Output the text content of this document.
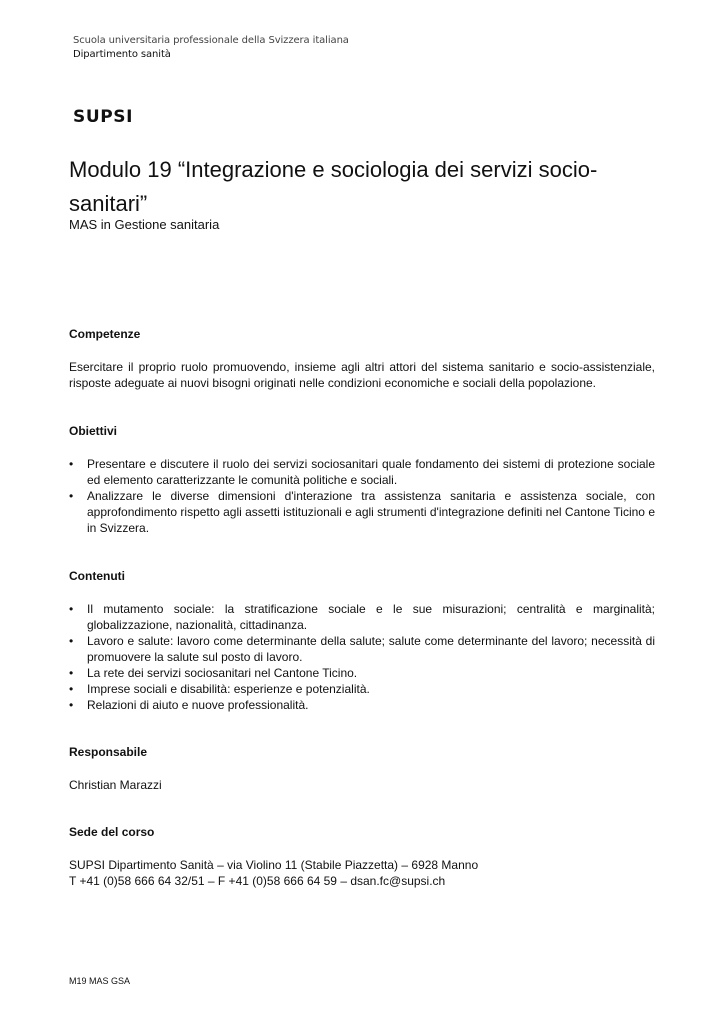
Scuola universitaria professionale della Svizzera italiana
Dipartimento sanità
SUPSI
Modulo 19 “Integrazione e sociologia dei servizi socio-sanitari”
MAS in Gestione sanitaria
Competenze

Esercitare il proprio ruolo promuovendo, insieme agli altri attori del sistema sanitario e socio-assistenziale, risposte adeguate ai nuovi bisogni originati nelle condizioni economiche e sociali della popolazione.

Obiettivi
• Presentare e discutere il ruolo dei servizi sociosanitari quale fondamento dei sistemi di protezione sociale ed elemento caratterizzante le comunità politiche e sociali.
• Analizzare le diverse dimensioni d'interazione tra assistenza sanitaria e assistenza sociale, con approfondimento rispetto agli assetti istituzionali e agli strumenti d'integrazione definiti nel Cantone Ticino e in Svizzera.
Contenuti
• Il mutamento sociale: la stratificazione sociale e le sue misurazioni; centralità e marginalità; globalizzazione, nazionalità, cittadinanza.
• Lavoro e salute: lavoro come determinante della salute; salute come determinante del lavoro; necessità di promuovere la salute sul posto di lavoro.
• La rete dei servizi sociosanitari nel Cantone Ticino.
• Imprese sociali e disabilità: esperienze e potenzialità.
• Relazioni di aiuto e nuove professionalità.
Responsabile
Christian Marazzi
Sede del corso
SUPSI Dipartimento Sanità – via Violino 11 (Stabile Piazzetta) – 6928 Manno
T +41 (0)58 666 64 32/51 – F +41 (0)58 666 64 59 – dsan.fc@supsi.ch
M19 MAS GSA
